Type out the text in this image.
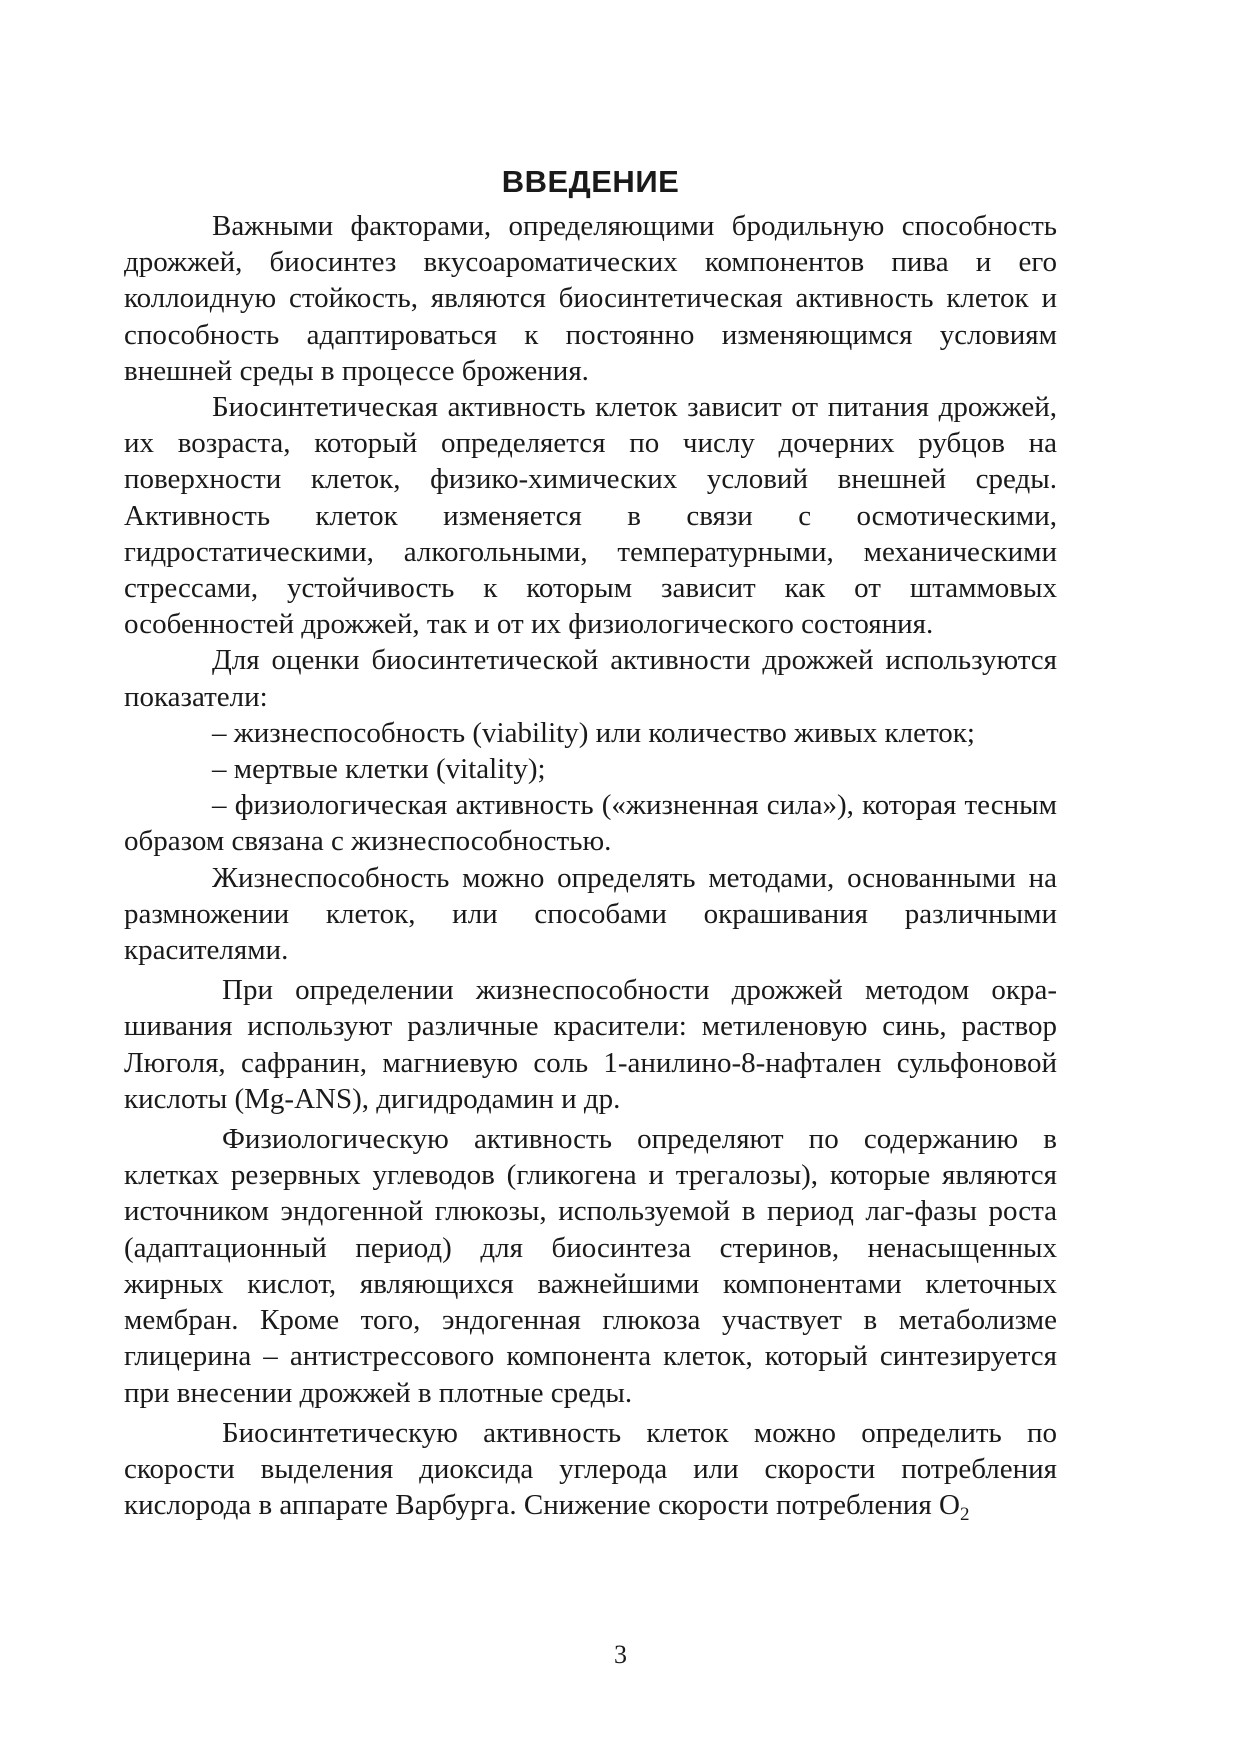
ВВЕДЕНИЕ

Важными факторами, определяющими бродильную способность дрожжей, биосинтез вкусоароматических компонентов пива и его коллоидную стойкость, являются биосинтетическая активность клеток и способность адаптироваться к постоянно изменяющимся условиям внешней среды в процессе брожения.

Биосинтетическая активность клеток зависит от питания дрожжей, их возраста, который определяется по числу дочерних рубцов на поверхности клеток, физико-химических условий внешней среды. Активность клеток изменяется в связи с осмотическими, гидростатическими, алкогольными, температурными, механическими стрессами, устойчивость к которым зависит как от штаммовых особенностей дрожжей, так и от их физиологического состояния.

Для оценки биосинтетической активности дрожжей используются показатели:

– жизнеспособность (viability) или количество живых клеток;

– мертвые клетки (vitality);

– физиологическая активность («жизненная сила»), которая тесным образом связана с жизнеспособностью.

Жизнеспособность можно определять методами, основанными на размножении клеток, или способами окрашивания различными красителями.

При определении жизнеспособности дрожжей методом окрашивания используют различные красители: метиленовую синь, раствор Люголя, сафранин, магниевую соль 1-анилино-8-нафтален сульфоновой кислоты (Mg-ANS), дигидродамин и др.

Физиологическую активность определяют по содержанию в клетках резервных углеводов (гликогена и трегалозы), которые являются источником эндогенной глюкозы, используемой в период лаг-фазы роста (адаптационный период) для биосинтеза стеринов, ненасыщенных жирных кислот, являющихся важнейшими компонентами клеточных мембран. Кроме того, эндогенная глюкоза участвует в метаболизме глицерина – антистрессового компонента клеток, который синтезируется при внесении дрожжей в плотные среды.

Биосинтетическую активность клеток можно определить по скорости выделения диоксида углерода или скорости потребления кислорода в аппарате Варбурга. Снижение скорости потребления $О_2$

3
